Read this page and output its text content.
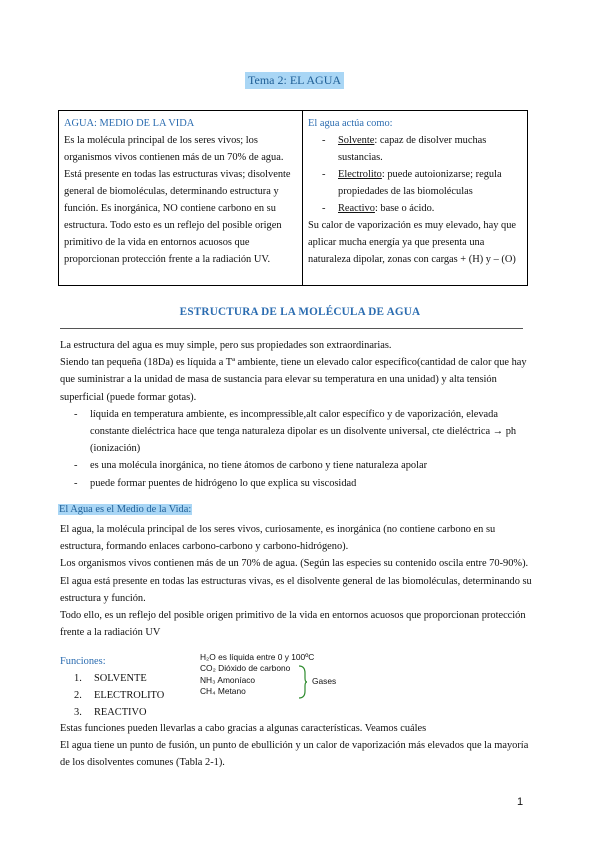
Tema 2: EL AGUA
AGUA: MEDIO DE LA VIDA
Es la molécula principal de los seres vivos; los organismos vivos contienen más de un 70% de agua. Está presente en todas las estructuras vivas; disolvente general de biomoléculas, determinando estructura y función. Es inorgánica, NO contiene carbono en su estructura. Todo esto es un reflejo del posible origen primitivo de la vida en entornos acuosos que proporcionan protección frente a la radiación UV.

El agua actúa como:
- Solvente: capaz de disolver muchas sustancias.
- Electrolito: puede autoionizarse; regula propiedades de las biomoléculas
- Reactivo: base o ácido.
Su calor de vaporización es muy elevado, hay que aplicar mucha energía ya que presenta una naturaleza dipolar, zonas con cargas + (H) y – (O)
ESTRUCTURA DE LA MOLÉCULA DE AGUA

La estructura del agua es muy simple, pero sus propiedades son extraordinarias.

Siendo tan pequeña (18Da) es líquida a Tª ambiente, tiene un elevado calor específico(cantidad de calor que hay que suministrar a la unidad de masa de sustancia para elevar su temperatura en una unidad) y alta tensión superficial (puede formar gotas).

- líquida en temperatura ambiente, es incompressible,alt calor específico y de vaporización, elevada constante dieléctrica hace que tenga naturaleza dipolar es un disolvente universal, cte dieléctrica → ph (ionización)
- es una molécula inorgánica, no tiene átomos de carbono y tiene naturaleza apolar
- puede formar puentes de hidrógeno lo que explica su viscosidad
El Agua es el Medio de la Vida:

El agua, la molécula principal de los seres vivos, curiosamente, es inorgánica (no contiene carbono en su estructura, formando enlaces carbono-carbono y carbono-hidrógeno).

Los organismos vivos contienen más de un 70% de agua. (Según las especies su contenido oscila entre 70-90%).

El agua está presente en todas las estructuras vivas, es el disolvente general de las biomoléculas, determinando su estructura y función.

Todo ello, es un reflejo del posible origen primitivo de la vida en entornos acuosos que proporcionan protección frente a la radiación UV

Funciones:
1. SOLVENTE
2. ELECTROLITO
3. REACTIVO
H₂O es líquida entre 0 y 100ºC
CO₂ Dióxido de carbono
NH₃ Amoníaco
CH₄ Metano
Gases

Estas funciones pueden llevarlas a cabo gracias a algunas características. Veamos cuáles

El agua tiene un punto de fusión, un punto de ebullición y un calor de vaporización más elevados que la mayoría de los disolventes comunes (Tabla 2-1).

1
